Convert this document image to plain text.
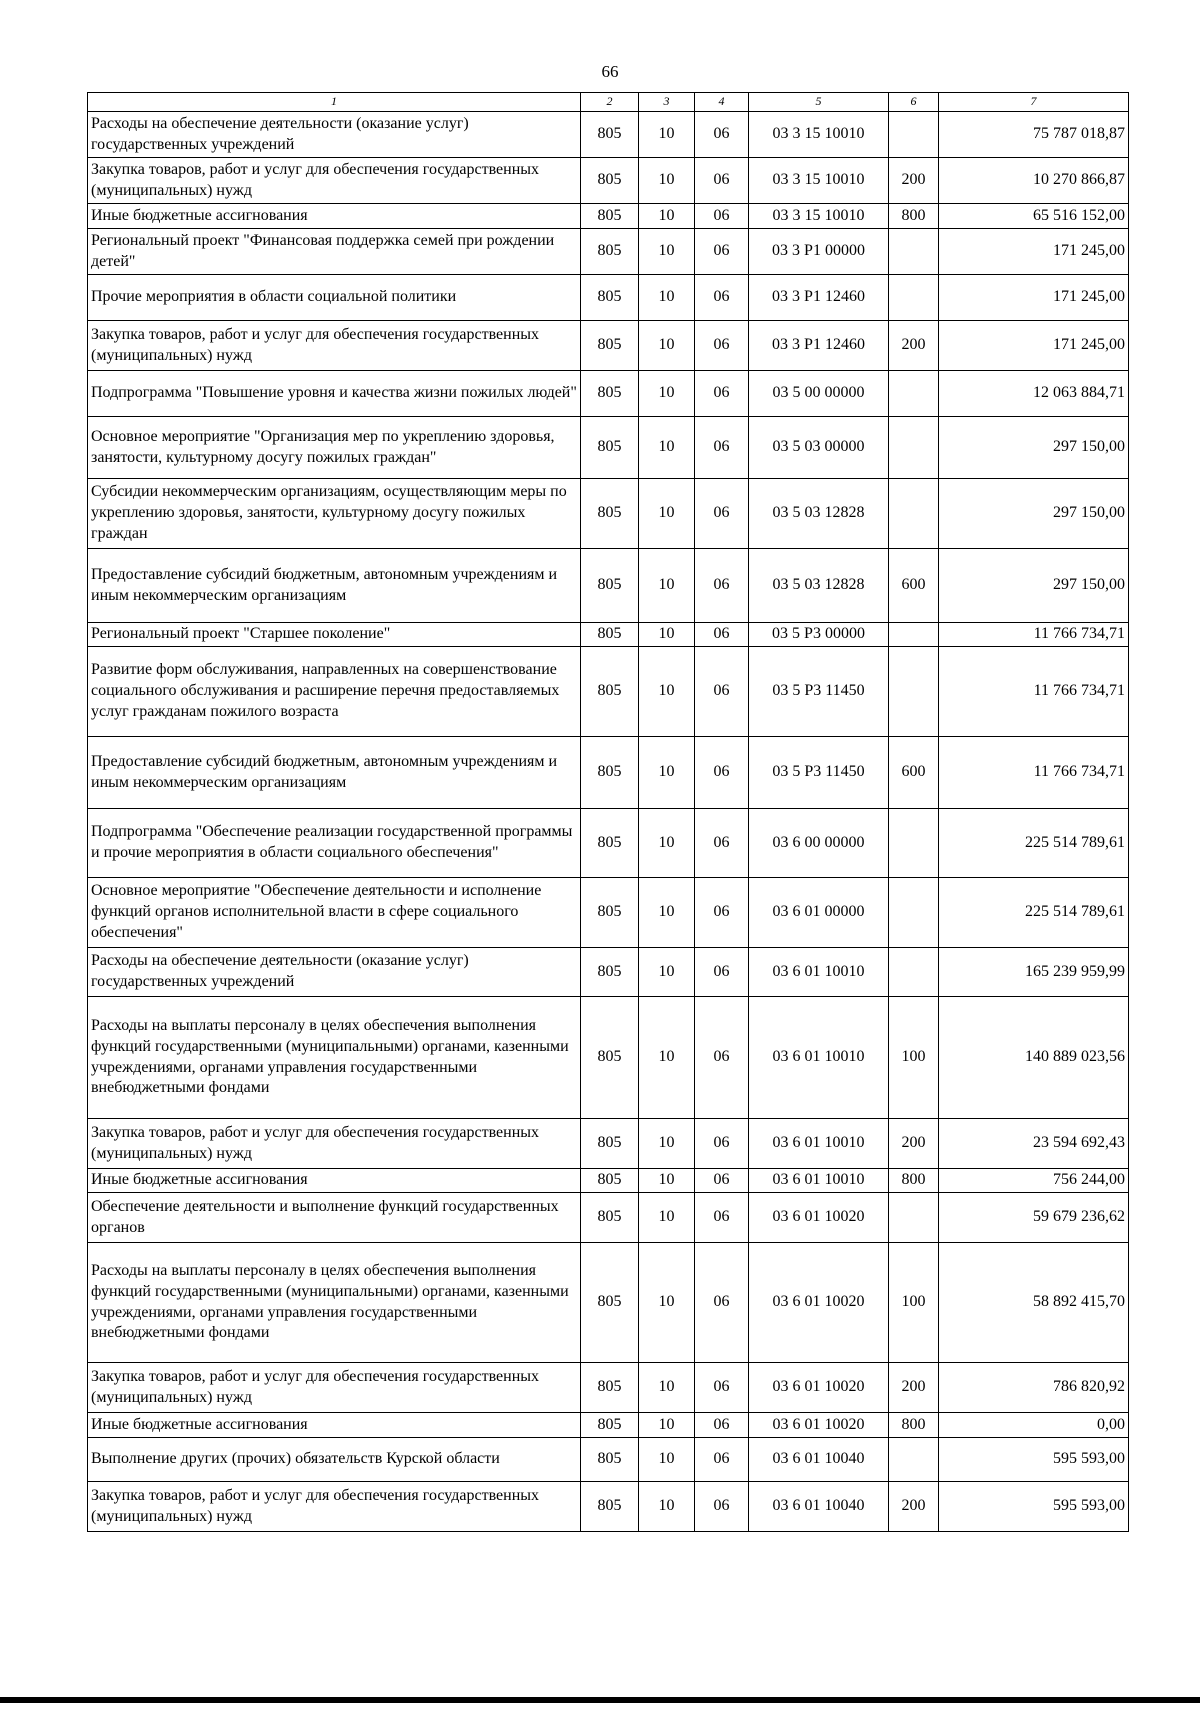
66
1	2	3	4	5	6	7
Расходы на обеспечение деятельности (оказание услуг) государственных учреждений	805	10	06	03 3 15 10010		75 787 018,87
Закупка товаров, работ и услуг для обеспечения государственных (муниципальных) нужд	805	10	06	03 3 15 10010	200	10 270 866,87
Иные бюджетные ассигнования	805	10	06	03 3 15 10010	800	65 516 152,00
Региональный проект "Финансовая поддержка семей при рождении детей"	805	10	06	03 3 P1 00000		171 245,00
Прочие мероприятия в области социальной политики	805	10	06	03 3 P1 12460		171 245,00
Закупка товаров, работ и услуг для обеспечения государственных (муниципальных) нужд	805	10	06	03 3 P1 12460	200	171 245,00
Подпрограмма "Повышение уровня и качества жизни пожилых людей"	805	10	06	03 5 00 00000		12 063 884,71
Основное мероприятие "Организация мер по укреплению здоровья, занятости, культурному досугу пожилых граждан"	805	10	06	03 5 03 00000		297 150,00
Субсидии некоммерческим организациям, осуществляющим меры по укреплению здоровья, занятости, культурному досугу пожилых граждан	805	10	06	03 5 03 12828		297 150,00
Предоставление субсидий бюджетным, автономным учреждениям и иным некоммерческим организациям	805	10	06	03 5 03 12828	600	297 150,00
Региональный проект "Старшее поколение"	805	10	06	03 5 P3 00000		11 766 734,71
Развитие форм обслуживания, направленных на совершенствование социального обслуживания и расширение перечня предоставляемых услуг гражданам пожилого возраста	805	10	06	03 5 P3 11450		11 766 734,71
Предоставление субсидий бюджетным, автономным учреждениям и иным некоммерческим организациям	805	10	06	03 5 P3 11450	600	11 766 734,71
Подпрограмма "Обеспечение реализации государственной программы и прочие мероприятия в области социального обеспечения"	805	10	06	03 6 00 00000		225 514 789,61
Основное мероприятие "Обеспечение деятельности и исполнение функций органов исполнительной власти в сфере социального обеспечения"	805	10	06	03 6 01 00000		225 514 789,61
Расходы на обеспечение деятельности (оказание услуг) государственных учреждений	805	10	06	03 6 01 10010		165 239 959,99
Расходы на выплаты персоналу в целях обеспечения выполнения функций государственными (муниципальными) органами, казенными учреждениями, органами управления государственными внебюджетными фондами	805	10	06	03 6 01 10010	100	140 889 023,56
Закупка товаров, работ и услуг для обеспечения государственных (муниципальных) нужд	805	10	06	03 6 01 10010	200	23 594 692,43
Иные бюджетные ассигнования	805	10	06	03 6 01 10010	800	756 244,00
Обеспечение деятельности и выполнение функций государственных органов	805	10	06	03 6 01 10020		59 679 236,62
Расходы на выплаты персоналу в целях обеспечения выполнения функций государственными (муниципальными) органами, казенными учреждениями, органами управления государственными внебюджетными фондами	805	10	06	03 6 01 10020	100	58 892 415,70
Закупка товаров, работ и услуг для обеспечения государственных (муниципальных) нужд	805	10	06	03 6 01 10020	200	786 820,92
Иные бюджетные ассигнования	805	10	06	03 6 01 10020	800	0,00
Выполнение других (прочих) обязательств Курской области	805	10	06	03 6 01 10040		595 593,00
Закупка товаров, работ и услуг для обеспечения государственных (муниципальных) нужд	805	10	06	03 6 01 10040	200	595 593,00
